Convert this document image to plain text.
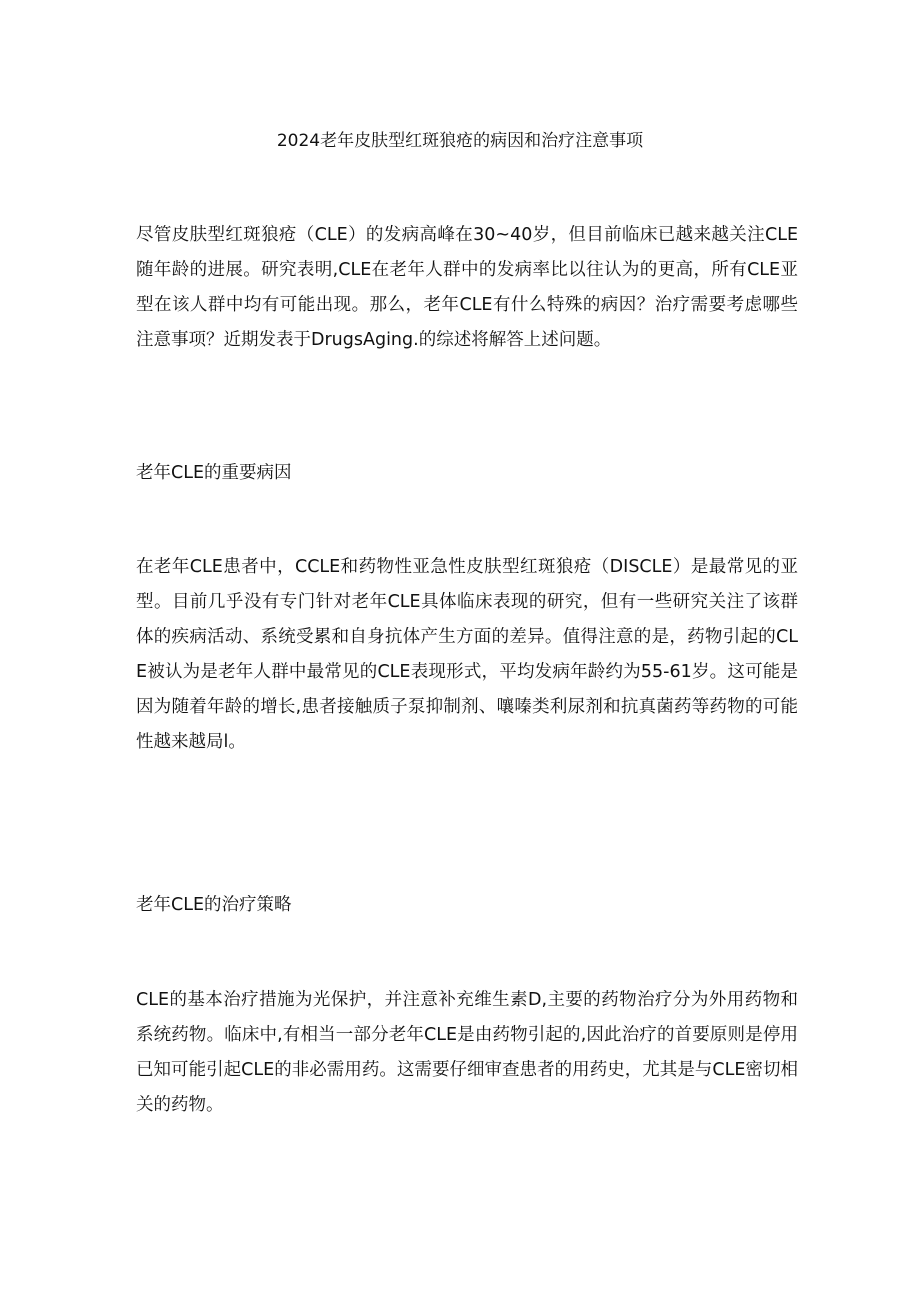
2024老年皮肤型红斑狼疮的病因和治疗注意事项

尽管皮肤型红斑狼疮（CLE）的发病高峰在30~40岁，但目前临床已越来越关注CLE随年龄的进展。研究表明,CLE在老年人群中的发病率比以往认为的更高，所有CLE亚型在该人群中均有可能出现。那么，老年CLE有什么特殊的病因？治疗需要考虑哪些注意事项？近期发表于DrugsAging.的综述将解答上述问题。

老年CLE的重要病因

在老年CLE患者中，CCLE和药物性亚急性皮肤型红斑狼疮（DISCLE）是最常见的亚型。目前几乎没有专门针对老年CLE具体临床表现的研究，但有一些研究关注了该群体的疾病活动、系统受累和自身抗体产生方面的差异。值得注意的是，药物引起的CLE被认为是老年人群中最常见的CLE表现形式，平均发病年龄约为55-61岁。这可能是因为随着年龄的增长,患者接触质子泵抑制剂、嚷嗪类利尿剂和抗真菌药等药物的可能性越来越局l。

老年CLE的治疗策略

CLE的基本治疗措施为光保护，并注意补充维生素D,主要的药物治疗分为外用药物和系统药物。临床中,有相当一部分老年CLE是由药物引起的,因此治疗的首要原则是停用已知可能引起CLE的非必需用药。这需要仔细审查患者的用药史，尤其是与CLE密切相关的药物。
